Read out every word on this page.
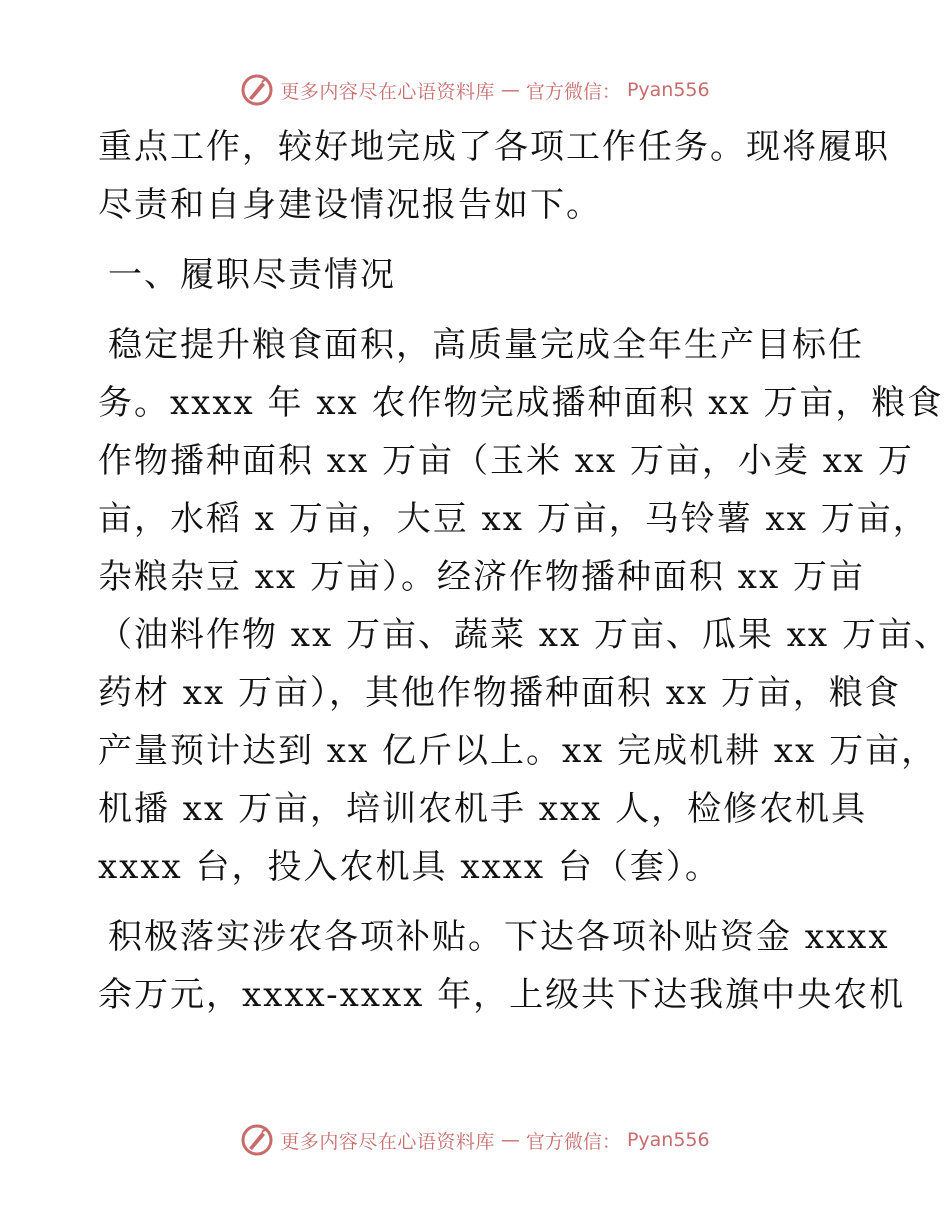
更多内容尽在心语资料库 — 官方微信： Pyan556
重点工作，较好地完成了各项工作任务。现将履职
尽责和自身建设情况报告如下。
一、履职尽责情况
稳定提升粮食面积，高质量完成全年生产目标任
务。xxxx 年 xx 农作物完成播种面积 xx 万亩，粮食
作物播种面积 xx 万亩（玉米 xx 万亩，小麦 xx 万
亩，水稻 x 万亩，大豆 xx 万亩，马铃薯 xx 万亩，
杂粮杂豆 xx 万亩）。经济作物播种面积 xx 万亩
（油料作物 xx 万亩、蔬菜 xx 万亩、瓜果 xx 万亩、
药材 xx 万亩），其他作物播种面积 xx 万亩，粮食
产量预计达到 xx 亿斤以上。xx 完成机耕 xx 万亩，
机播 xx 万亩，培训农机手 xxx 人，检修农机具
xxxx 台，投入农机具 xxxx 台（套）。
积极落实涉农各项补贴。下达各项补贴资金 xxxx
余万元，xxxx-xxxx 年，上级共下达我旗中央农机
更多内容尽在心语资料库 — 官方微信： Pyan556
